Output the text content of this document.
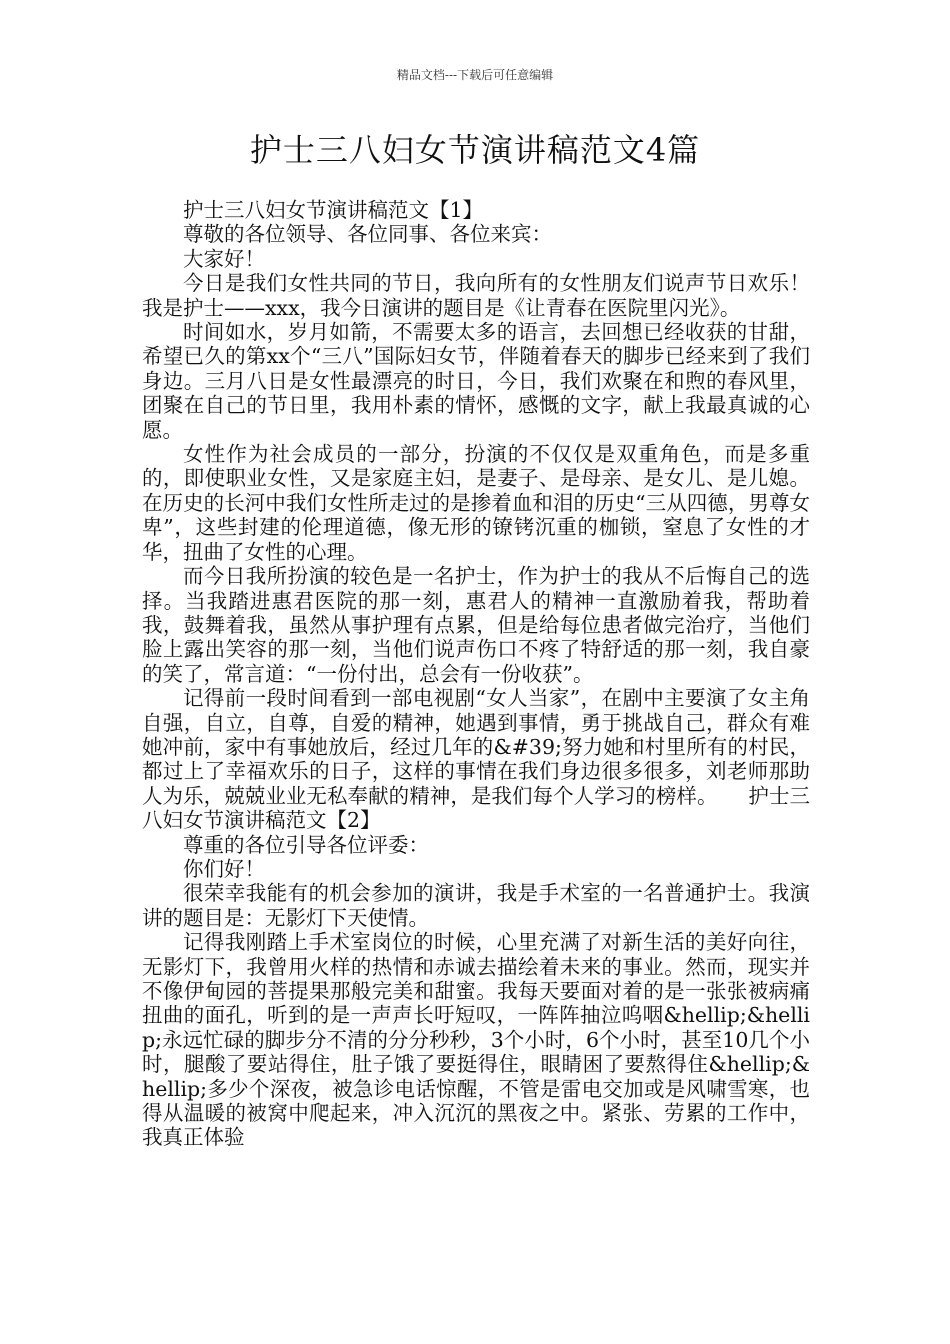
精品文档---下载后可任意编辑
护士三八妇女节演讲稿范文4篇

护士三八妇女节演讲稿范文【1】

尊敬的各位领导、各位同事、各位来宾：

大家好！

今日是我们女性共同的节日，我向所有的女性朋友们说声节日欢乐！我是护士——xxx，我今日演讲的题目是《让青春在医院里闪光》。

时间如水，岁月如箭，不需要太多的语言，去回想已经收获的甘甜，希望已久的第xx个“三八”国际妇女节，伴随着春天的脚步已经来到了我们身边。三月八日是女性最漂亮的时日，今日，我们欢聚在和煦的春风里，团聚在自己的节日里，我用朴素的情怀，感慨的文字，献上我最真诚的心愿。

女性作为社会成员的一部分，扮演的不仅仅是双重角色，而是多重的，即使职业女性，又是家庭主妇，是妻子、是母亲、是女儿、是儿媳。在历史的长河中我们女性所走过的是掺着血和泪的历史“三从四德，男尊女卑”，这些封建的伦理道德，像无形的镣铐沉重的枷锁，窒息了女性的才华，扭曲了女性的心理。

而今日我所扮演的较色是一名护士，作为护士的我从不后悔自己的选择。当我踏进惠君医院的那一刻，惠君人的精神一直激励着我，帮助着我，鼓舞着我，虽然从事护理有点累，但是给每位患者做完治疗，当他们脸上露出笑容的那一刻，当他们说声伤口不疼了特舒适的那一刻，我自豪的笑了，常言道：“一份付出，总会有一份收获”。

记得前一段时间看到一部电视剧“女人当家”，在剧中主要演了女主角自强，自立，自尊，自爱的精神，她遇到事情，勇于挑战自己，群众有难她冲前，家中有事她放后，经过几年的&#39;努力她和村里所有的村民，都过上了幸福欢乐的日子，这样的事情在我们身边很多很多，刘老师那助人为乐，兢兢业业无私奉献的精神，是我们每个人学习的榜样。　　护士三八妇女节演讲稿范文【2】

尊重的各位引导各位评委：

你们好！

很荣幸我能有的机会参加的演讲，我是手术室的一名普通护士。我演讲的题目是：无影灯下天使情。

记得我刚踏上手术室岗位的时候，心里充满了对新生活的美好向往，无影灯下，我曾用火样的热情和赤诚去描绘着未来的事业。然而，现实并不像伊甸园的菩提果那般完美和甜蜜。我每天要面对着的是一张张被病痛扭曲的面孔，听到的是一声声长吁短叹，一阵阵抽泣呜咽&hellip;&hellip;永远忙碌的脚步分不清的分分秒秒，3个小时，6个小时，甚至10几个小时，腿酸了要站得住，肚子饿了要挺得住，眼睛困了要熬得住&hellip;&hellip;多少个深夜，被急诊电话惊醒，不管是雷电交加或是风啸雪寒，也得从温暖的被窝中爬起来，冲入沉沉的黑夜之中。紧张、劳累的工作中，我真正体验
